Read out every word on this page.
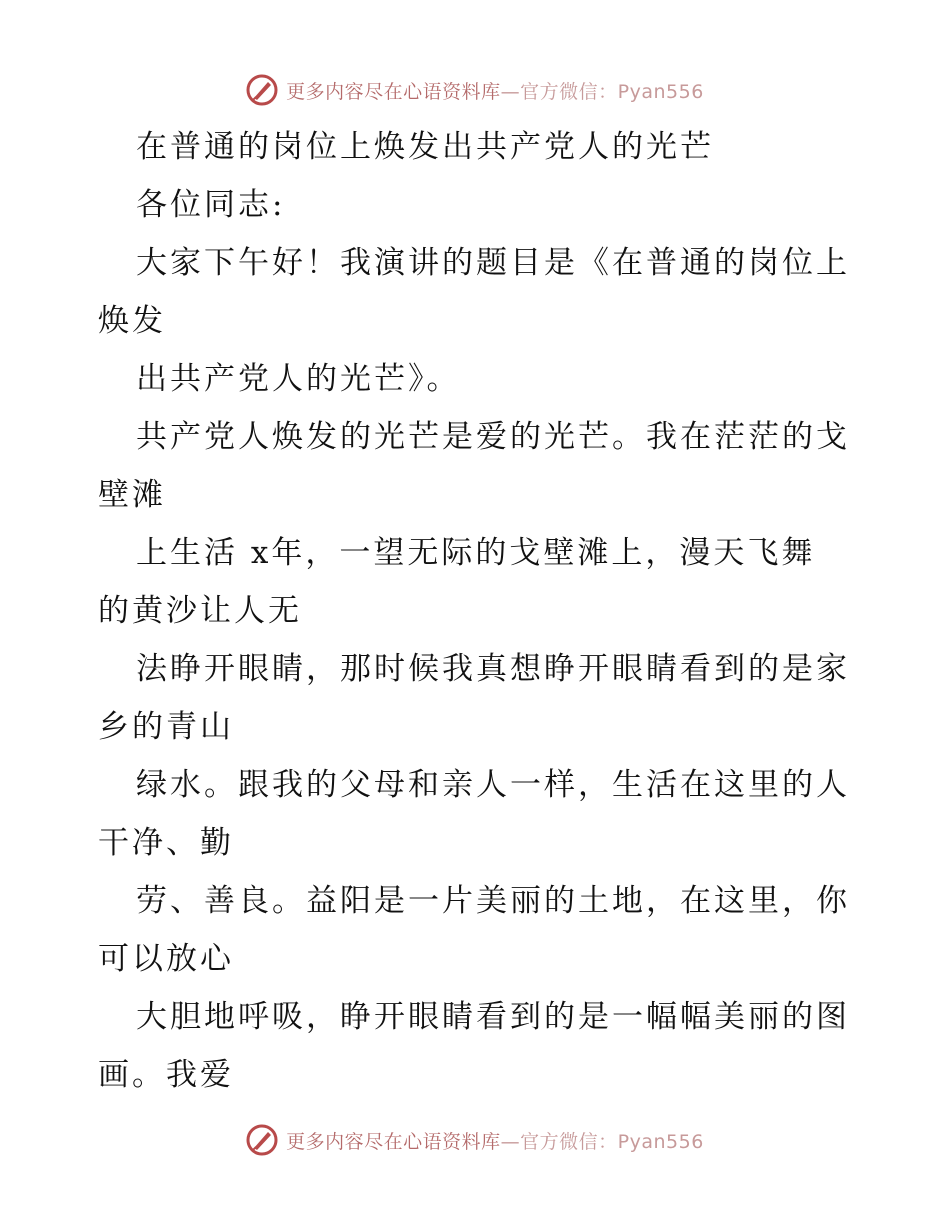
更多内容尽在心语资料库—官方微信：Pyan556
在普通的岗位上焕发出共产党人的光芒
各位同志:
大家下午好！我演讲的题目是《在普通的岗位上
焕发
出共产党人的光芒》。
共产党人焕发的光芒是爱的光芒。我在茫茫的戈
壁滩
上生活 x年，一望无际的戈壁滩上，漫天飞舞
的黄沙让人无
法睁开眼睛，那时候我真想睁开眼睛看到的是家
乡的青山
绿水。跟我的父母和亲人一样，生活在这里的人
干净、勤
劳、善良。益阳是一片美丽的土地，在这里，你
可以放心
大胆地呼吸，睁开眼睛看到的是一幅幅美丽的图
画。我爱
更多内容尽在心语资料库—官方微信：Pyan556
